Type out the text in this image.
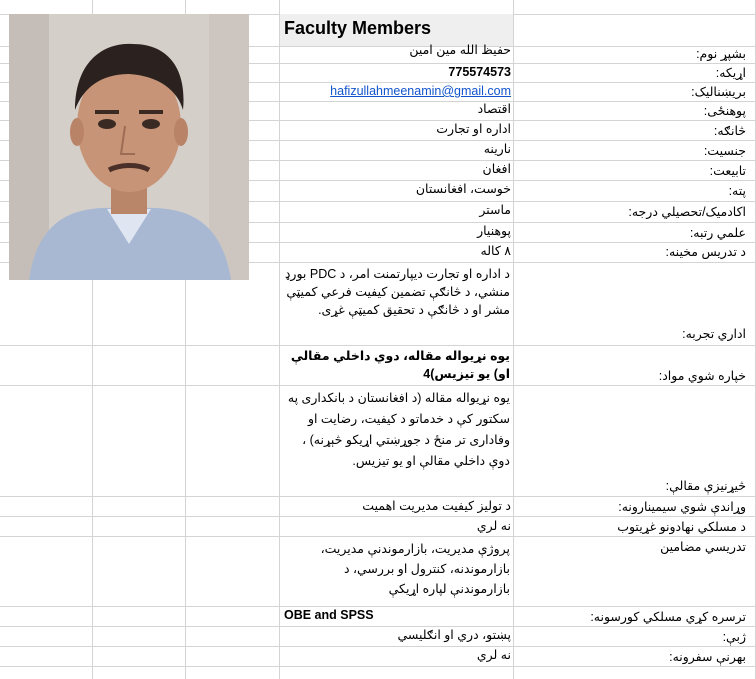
Faculty Members
بشپړ نوم:
حفیظ الله مین امین
اړیکه:
775574573
بریښنالیک:
hafizullahmeenamin@gmail.com
پوهنځی:
اقتصاد
څانګه:
اداره او تجارت
جنسیت:
نارینه
تابیعت:
افغان
پته:
خوست، افغانستان
اکادمیک/تحصیلي درجه:
ماستر
علمي رتبه:
پوهنیار
د تدریس مخینه:
۸ کاله
اداري تجربه:
د اداره او تجارت دیپارتمنت امر، د PDC بورډ منشي، د څانګې تضمین کیفیت فرعي کمیټې مشر او د څانګې د تحقیق کمیټې غړی.
خپاره شوي مواد:
یوه نړیواله مقاله، دوي داخلي مقالې او) یو تیزیس)4
څیړنیزې مقالې:
یوه نړیواله مقاله (د افغانستان د بانکداری په سکتور کې د خدماتو د کیفیت، رضایت او وفاداری تر منځ د جوړښتي اړیکو څېړنه) ، دوې داخلي مقالې او یو تیزیس.
وړاندې شوي سیمینارونه:
د تولیز کیفیت مدیریت اهمیت
د مسلکي نهادونو غړیتوب
نه لري
تدریسي مضامین
پروژې مدیریت، بازارموندنې مدیریت، بازارموندنه، کنترول او بررسي، د بازارموندنې لپاره اړیکې
ترسره کړي مسلکي کورسونه:
OBE and SPSS
ژبې:
پښتو، دري او انګلیسي
بهرنې سفرونه:
نه لري
